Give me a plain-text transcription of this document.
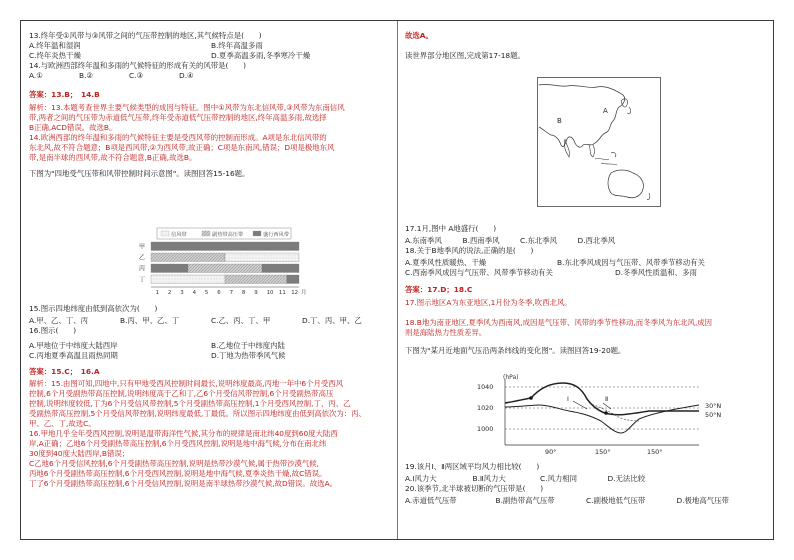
13.终年受①风带与③风带之间的气压带控制的地区,其气候特点是(　　)
A.终年温和湿润	B.终年高温多雨
C.终年炎热干燥	D.夏季高温多雨,冬季寒冷干燥
14.与欧洲西部终年温和多雨的气候特征的形成有关的风带是(　　)
A.①	B.②	C.③	D.④
答案：13.B；　14.B
解析：13.本题考查世界主要气候类型的成因与特征。图中①风带为东北信风带,③风带为东南信风
带,两者之间的气压带为赤道低气压带,终年受赤道低气压带控制的地区,终年高温多雨,故选择
B正确,ACD错误。故选B。
14.欧洲西部的终年温和多雨的气候特征主要是受西风带的控制而形成。A项是东北信风带的
东北风,故不符合题意；B项是西风带,②为西风带,故正确；C项是东南风,错误；D项是极地东风
带,是南半球的西风带,故不符合题意,B正确,故选B。
下图为"四地受气压带和风带控制时间示意图"。读图回答15-16题。
信风带	副热带高压带	盛行西风带
甲
乙
丙
丁
1 2 3 4 5 6 7 8 9 10 11 12 月
15.图示四地纬度由低到高依次为(　　)
A.甲、乙、丁、丙	B.丙、甲、乙、丁	C.乙、丙、丁、甲	D.丁、丙、甲、乙
16.图示(　　)
A.甲地位于中纬度大陆西岸	B.乙地位于中纬度内陆
C.丙地夏季高温且雨热同期	D.丁地为热带季风气候
答案：15.C；　16.A
解析：15.由图可知,四地中,只有甲地受西风控制时间最长,说明纬度最高,丙地一年中6个月受西风
控制,6个月受副热带高压控制,说明纬度高于乙和丁,乙6个月受信风带控制,6个月受副热带高压
控制,说明纬度较低,丁为6个月受信风带控制,5个月受副热带高压控制,1个月受西风控制,丁、丙、乙
受副热带高压控制,5个月受信风带控制,说明纬度最低,丁最低。所以图示四地纬度由低到高依次为：丙、
甲、乙、丁,故选C。
16.甲地几乎全年受西风控制,说明是温带海洋性气候,其分布的规律是南北纬40度到60度大陆西
岸,A正确；乙地6个月受副热带高压控制,6个月受西风控制,说明是地中海气候,分布在南北纬
30度到40度大陆西岸,B错误；
C乙地6个月受信风控制,6个月受副热带高压控制,说明是热带沙漠气候,属于热带沙漠气候,
丙地6个月受副热带高压控制,6个月受西风控制,说明是地中海气候,夏季炎热干燥,故C错误。
丁了6个月受副热带高压控制,6个月受信风控制,说明是南半球热带沙漠气候,故D错误。故选A。
故选A。
读世界部分地区图,完成第17-18题。
A
B
17.1月,图中 A地盛行(　　)
A.东南季风	B.西南季风	C.东北季风	D.西北季风
18.关于B地季风的说法,正确的是(　　)
A.夏季风性质暖热、干燥	B.东北季风成因与气压带、风带季节移动有关
C.西南季风成因与气压带、风带季节移动有关	D.冬季风性质温和、多雨
答案：17.D；18.C
17.图示地区A为东亚地区,1月份为冬季,吹西北风。
18.B地为南亚地区,夏季风为西南风,成因是气压带、风带的季节性移动,而冬季风为东北风,成因
则是海陆热力性质差异。
下图为"某月近地面气压沿两条纬线的变化图"。读图回答19-20题。
(hPa)
1040
1020
1000
90°	150°	150°
Ⅰ	Ⅱ
30°N
50°N
19.该月Ⅰ、Ⅱ两区域平均风力相比较(　　)
A.Ⅰ风力大	B.Ⅱ风力大	C.风力相同	D.无法比较
20.该季节,北半球被切断的气压带是(　　)
A.赤道低气压带	B.副热带高气压带	C.副极地低气压带	D.极地高气压带
